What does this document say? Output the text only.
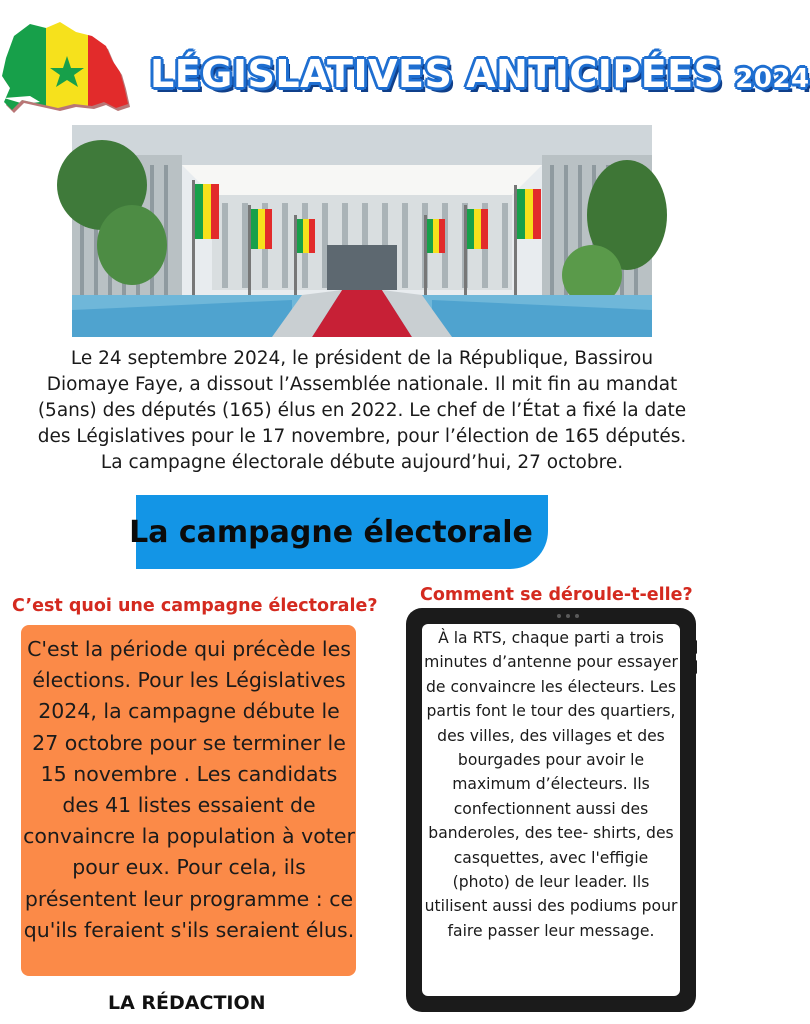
LÉGISLATIVES ANTICIPÉES 2024
Le 24 septembre 2024, le président de la République, Bassirou Diomaye Faye, a dissout l’Assemblée nationale. Il mit fin au mandat (5ans) des députés (165) élus en 2022. Le chef de l’État a fixé la date des Législatives pour le 17 novembre, pour l’élection de 165 députés. La campagne électorale débute aujourd’hui, 27 octobre.
La campagne électorale
C’est quoi une campagne électorale?
Comment se déroule-t-elle?
C'est la période qui précède les élections. Pour les Législatives 2024, la campagne débute le 27 octobre pour se terminer le 15 novembre . Les candidats des 41 listes essaient de convaincre la population à voter pour eux. Pour cela, ils présentent leur programme : ce qu'ils feraient s'ils seraient élus.
À la RTS, chaque parti a trois minutes d’antenne pour essayer de convaincre les électeurs. Les partis font le tour des quartiers, des villes, des villages et des bourgades pour avoir le maximum d’électeurs. Ils confectionnent aussi des banderoles, des tee- shirts, des casquettes, avec l'effigie (photo) de leur leader. Ils utilisent aussi des podiums pour faire passer leur message.
LA RÉDACTION
